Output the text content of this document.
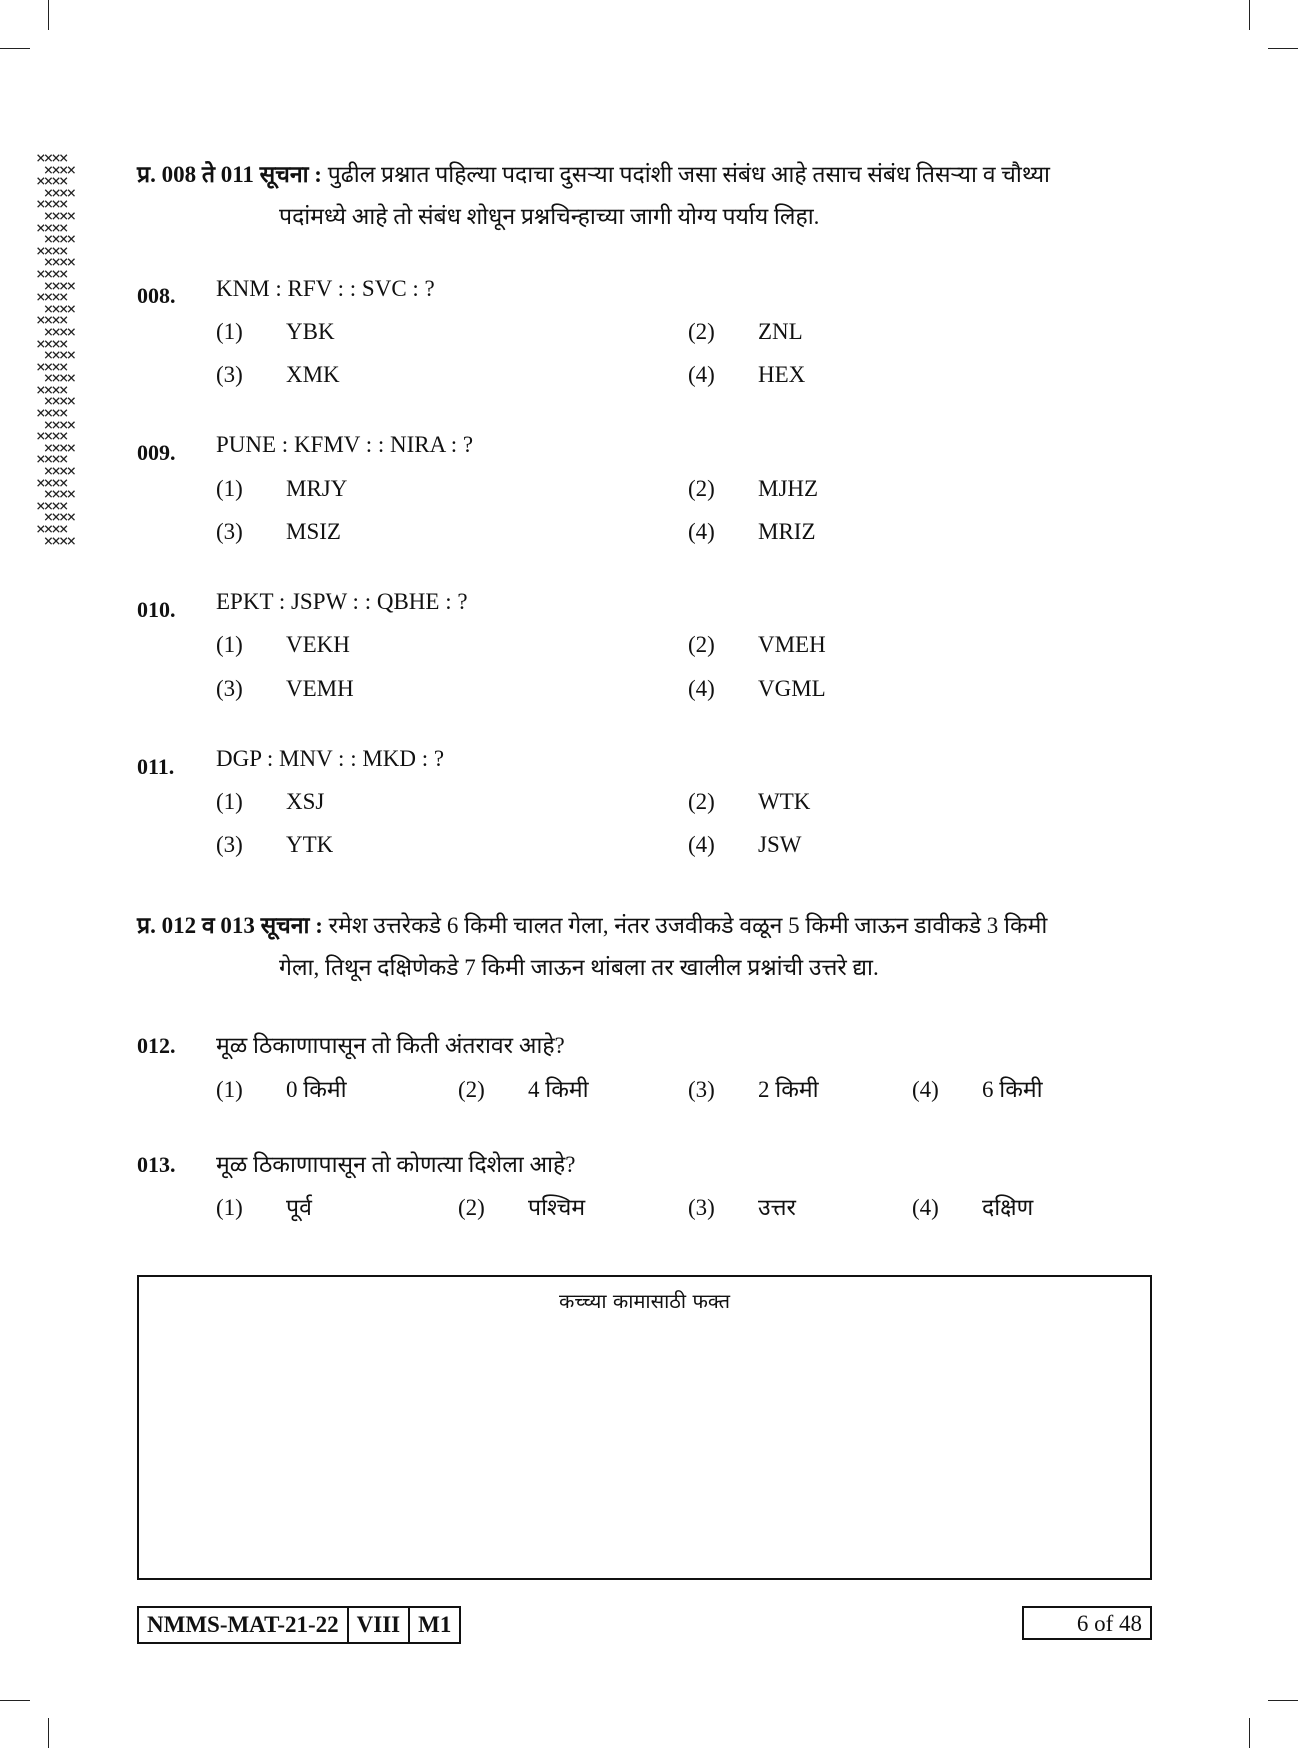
××××
××××
××××
××××
××××
××××
××××
××××
××××
××××
××××
××××
××××
××××
××××
××××
××××
××××
××××
××××
××××
××××
××××
××××
××××
××××
××××
××××
××××
××××
××××
××××
××××
××××

प्र. 008 ते 011 सूचना : पुढील प्रश्नात पहिल्या पदाचा दुसऱ्या पदांशी जसा संबंध आहे तसाच संबंध तिसऱ्या व चौथ्या
पदांमध्ये आहे तो संबंध शोधून प्रश्नचिन्हाच्या जागी योग्य पर्याय लिहा.
008. KNM : RFV : : SVC : ?
(1) YBK	(2) ZNL
(3) XMK	(4) HEX
009. PUNE : KFMV : : NIRA : ?
(1) MRJY	(2) MJHZ
(3) MSIZ	(4) MRIZ
010. EPKT : JSPW : : QBHE : ?
(1) VEKH	(2) VMEH
(3) VEMH	(4) VGML
011. DGP : MNV : : MKD : ?
(1) XSJ	(2) WTK
(3) YTK	(4) JSW
प्र. 012 व 013 सूचना : रमेश उत्तरेकडे 6 किमी चालत गेला, नंतर उजवीकडे वळून 5 किमी जाऊन डावीकडे 3 किमी
गेला, तिथून दक्षिणेकडे 7 किमी जाऊन थांबला तर खालील प्रश्नांची उत्तरे द्या.
012. मूळ ठिकाणापासून तो किती अंतरावर आहे?
(1) 0 किमी	(2) 4 किमी	(3) 2 किमी	(4) 6 किमी
013. मूळ ठिकाणापासून तो कोणत्या दिशेला आहे?
(1) पूर्व	(2) पश्चिम	(3) उत्तर	(4) दक्षिण
कच्च्या कामासाठी फक्त
NMMS-MAT-21-22 VIII M1	6 of 48
